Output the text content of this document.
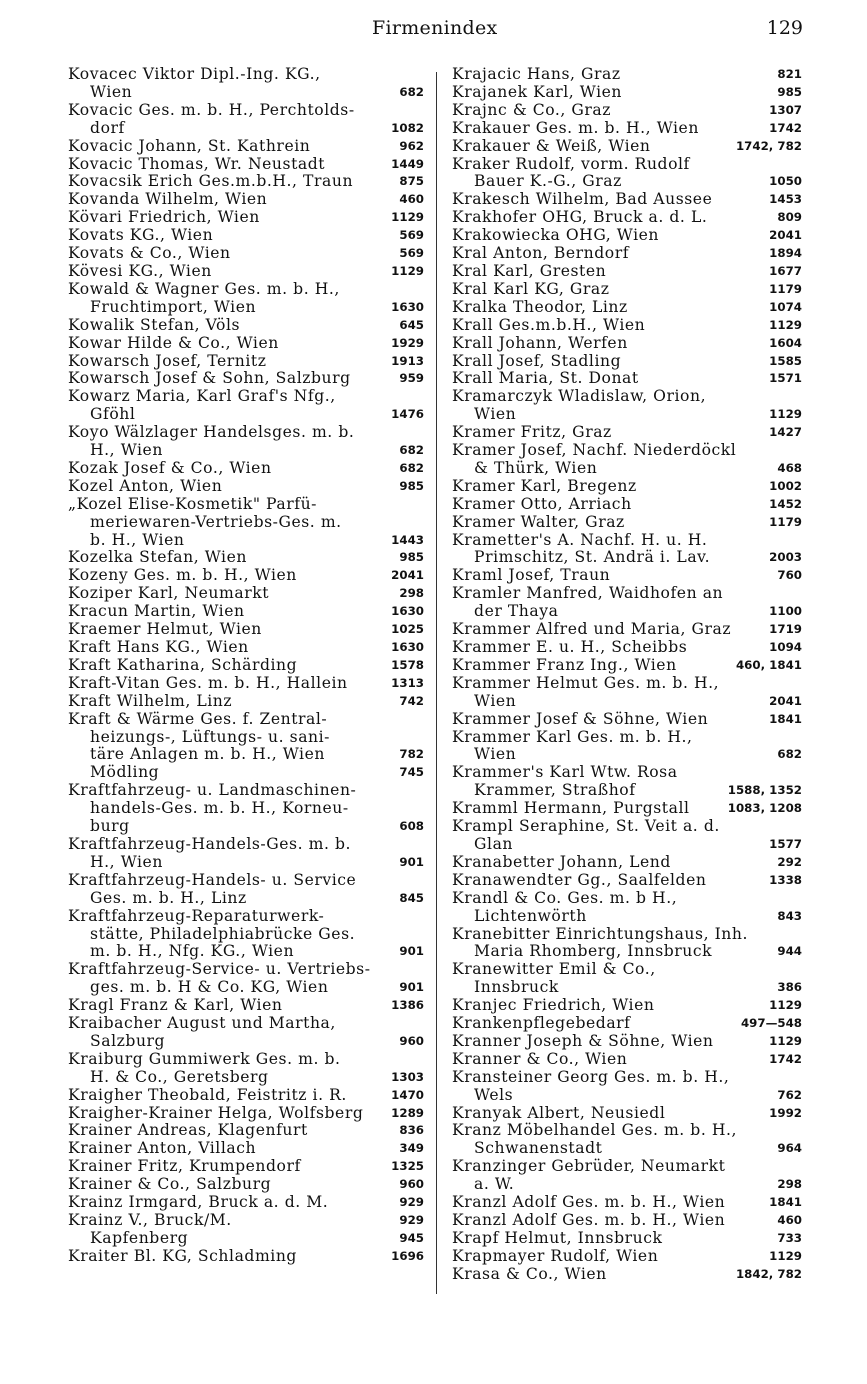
Firmenindex	129
Kovacec Viktor Dipl.-Ing. KG.,
Wien	682
Kovacic Ges. m. b. H., Perchtolds-
dorf	1082
Kovacic Johann, St. Kathrein	962
Kovacic Thomas, Wr. Neustadt	1449
Kovacsik Erich Ges.m.b.H., Traun	875
Kovanda Wilhelm, Wien	460
Kövari Friedrich, Wien	1129
Kovats KG., Wien	569
Kovats & Co., Wien	569
Kövesi KG., Wien	1129
Kowald & Wagner Ges. m. b. H.,
Fruchtimport, Wien	1630
Kowalik Stefan, Völs	645
Kowar Hilde & Co., Wien	1929
Kowarsch Josef, Ternitz	1913
Kowarsch Josef & Sohn, Salzburg	959
Kowarz Maria, Karl Graf's Nfg.,
Gföhl	1476
Koyo Wälzlager Handelsges. m. b.
H., Wien	682
Kozak Josef & Co., Wien	682
Kozel Anton, Wien	985
„Kozel Elise-Kosmetik" Parfü-
meriewaren-Vertriebs-Ges. m.
b. H., Wien	1443
Kozelka Stefan, Wien	985
Kozeny Ges. m. b. H., Wien	2041
Koziper Karl, Neumarkt	298
Kracun Martin, Wien	1630
Kraemer Helmut, Wien	1025
Kraft Hans KG., Wien	1630
Kraft Katharina, Schärding	1578
Kraft-Vitan Ges. m. b. H., Hallein	1313
Kraft Wilhelm, Linz	742
Kraft & Wärme Ges. f. Zentral-
heizungs-, Lüftungs- u. sani-
täre Anlagen m. b. H., Wien	782
Mödling	745
Kraftfahrzeug- u. Landmaschinen-
handels-Ges. m. b. H., Korneu-
burg	608
Kraftfahrzeug-Handels-Ges. m. b.
H., Wien	901
Kraftfahrzeug-Handels- u. Service
Ges. m. b. H., Linz	845
Kraftfahrzeug-Reparaturwerk-
stätte, Philadelphiabrücke Ges.
m. b. H., Nfg. KG., Wien	901
Kraftfahrzeug-Service- u. Vertriebs-
ges. m. b. H & Co. KG, Wien	901
Kragl Franz & Karl, Wien	1386
Kraibacher August und Martha,
Salzburg	960
Kraiburg Gummiwerk Ges. m. b.
H. & Co., Geretsberg	1303
Kraigher Theobald, Feistritz i. R.	1470
Kraigher-Krainer Helga, Wolfsberg	1289
Krainer Andreas, Klagenfurt	836
Krainer Anton, Villach	349
Krainer Fritz, Krumpendorf	1325
Krainer & Co., Salzburg	960
Krainz Irmgard, Bruck a. d. M.	929
Krainz V., Bruck/M.	929
Kapfenberg	945
Kraiter Bl. KG, Schladming	1696
Krajacic Hans, Graz	821
Krajanek Karl, Wien	985
Krajnc & Co., Graz	1307
Krakauer Ges. m. b. H., Wien	1742
Krakauer & Weiß, Wien	1742, 782
Kraker Rudolf, vorm. Rudolf
Bauer K.-G., Graz	1050
Krakesch Wilhelm, Bad Aussee	1453
Krakhofer OHG, Bruck a. d. L.	809
Krakowiecka OHG, Wien	2041
Kral Anton, Berndorf	1894
Kral Karl, Gresten	1677
Kral Karl KG, Graz	1179
Kralka Theodor, Linz	1074
Krall Ges.m.b.H., Wien	1129
Krall Johann, Werfen	1604
Krall Josef, Stadling	1585
Krall Maria, St. Donat	1571
Kramarczyk Wladislaw, Orion,
Wien	1129
Kramer Fritz, Graz	1427
Kramer Josef, Nachf. Niederdöckl
& Thürk, Wien	468
Kramer Karl, Bregenz	1002
Kramer Otto, Arriach	1452
Kramer Walter, Graz	1179
Krametter's A. Nachf. H. u. H.
Primschitz, St. Andrä i. Lav.	2003
Kraml Josef, Traun	760
Kramler Manfred, Waidhofen an
der Thaya	1100
Krammer Alfred und Maria, Graz	1719
Krammer E. u. H., Scheibbs	1094
Krammer Franz Ing., Wien	460, 1841
Krammer Helmut Ges. m. b. H.,
Wien	2041
Krammer Josef & Söhne, Wien	1841
Krammer Karl Ges. m. b. H.,
Wien	682
Krammer's Karl Wtw. Rosa
Krammer, Straßhof	1588, 1352
Kramml Hermann, Purgstall	1083, 1208
Krampl Seraphine, St. Veit a. d.
Glan	1577
Kranabetter Johann, Lend	292
Kranawendter Gg., Saalfelden	1338
Krandl & Co. Ges. m. b H.,
Lichtenwörth	843
Kranebitter Einrichtungshaus, Inh.
Maria Rhomberg, Innsbruck	944
Kranewitter Emil & Co.,
Innsbruck	386
Kranjec Friedrich, Wien	1129
Krankenpflegebedarf	497—548
Kranner Joseph & Söhne, Wien	1129
Kranner & Co., Wien	1742
Kransteiner Georg Ges. m. b. H.,
Wels	762
Kranyak Albert, Neusiedl	1992
Kranz Möbelhandel Ges. m. b. H.,
Schwanenstadt	964
Kranzinger Gebrüder, Neumarkt
a. W.	298
Kranzl Adolf Ges. m. b. H., Wien	1841
Kranzl Adolf Ges. m. b. H., Wien	460
Krapf Helmut, Innsbruck	733
Krapmayer Rudolf, Wien	1129
Krasa & Co., Wien	1842, 782
